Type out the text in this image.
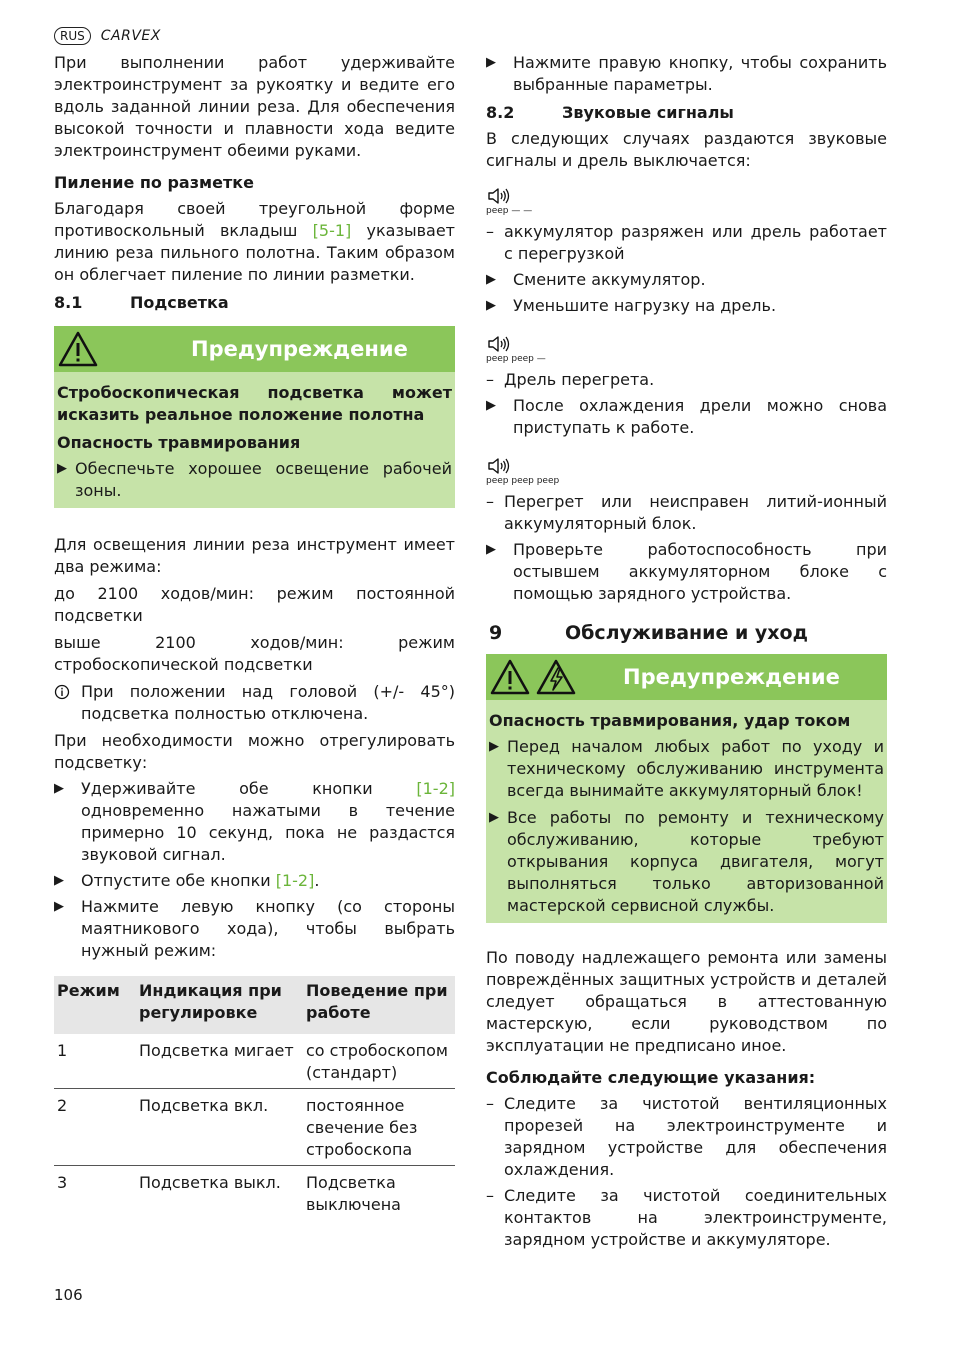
RUS	CARVEX

При выполнении работ удерживайте электроинструмент за рукоятку и ведите его вдоль заданной линии реза. Для обеспечения высокой точности и плавности хода ведите электроинструмент обеими руками.

Пиление по разметке

Благодаря своей треугольной форме противоскольный вкладыш [5-1] указывает линию реза пильного полотна. Таким образом он облегчает пиление по линии разметки.

8.1	Подсветка
Предупреждение

Стробоскопическая подсветка может исказить реальное положение полотна

Опасность травмирования

▶ Обеспечьте хорошее освещение рабочей зоны.

Для освещения линии реза инструмент имеет два режима:

до 2100 ходов/мин: режим постоянной подсветки

выше 2100 ходов/мин: режим стробоскопической подсветки

При положении над головой (+/- 45°) подсветка полностью отключена.

При необходимости можно отрегулировать подсветку:

▶	Удерживайте обе кнопки [1-2] одновременно нажатыми в течение примерно 10 секунд, пока не раздастся звуковой сигнал.
▶	Отпустите обе кнопки [1-2].
▶	Нажмите левую кнопку (со стороны маятникового хода), чтобы выбрать нужный режим:
Режим	Индикация при регулировке	Поведение при работе
1	Подсветка мигает	со стробоскопом (стандарт)
2	Подсветка вкл.	постоянное свечение без стробоскопа
3	Подсветка выкл.	Подсветка выключена
▶	Нажмите правую кнопку, чтобы сохранить выбранные параметры.
8.2	Звуковые сигналы

В следующих случаях раздаются звуковые сигналы и дрель выключается:

peep — —
– аккумулятор разряжен или дрель работает с перегрузкой
▶	Смените аккумулятор.
▶	Уменьшите нагрузку на дрель.
peep peep —
– Дрель перегрета.
▶	После охлаждения дрели можно снова приступать к работе.
peep peep peep
– Перегрет или неисправен литий-ионный аккумуляторный блок.
▶	Проверьте работоспособность при остывшем аккумуляторном блоке с помощью зарядного устройства.
9	Обслуживание и уход
Предупреждение

Опасность травмирования, удар током

▶ Перед началом любых работ по уходу и техническому обслуживанию инструмента всегда вынимайте аккумуляторный блок!
▶ Все работы по ремонту и техническому обслуживанию, которые требуют открывания корпуса двигателя, могут выполняться только авторизованной мастерской сервисной службы.

По поводу надлежащего ремонта или замены повреждённых защитных устройств и деталей следует обращаться в аттестованную мастерскую, если руководством по эксплуатации не предписано иное.

Соблюдайте следующие указания:

– Следите за чистотой вентиляционных прорезей на электроинструменте и зарядном устройстве для обеспечения охлаждения.
– Следите за чистотой соединительных контактов на электроинструменте, зарядном устройстве и аккумуляторе.
106
